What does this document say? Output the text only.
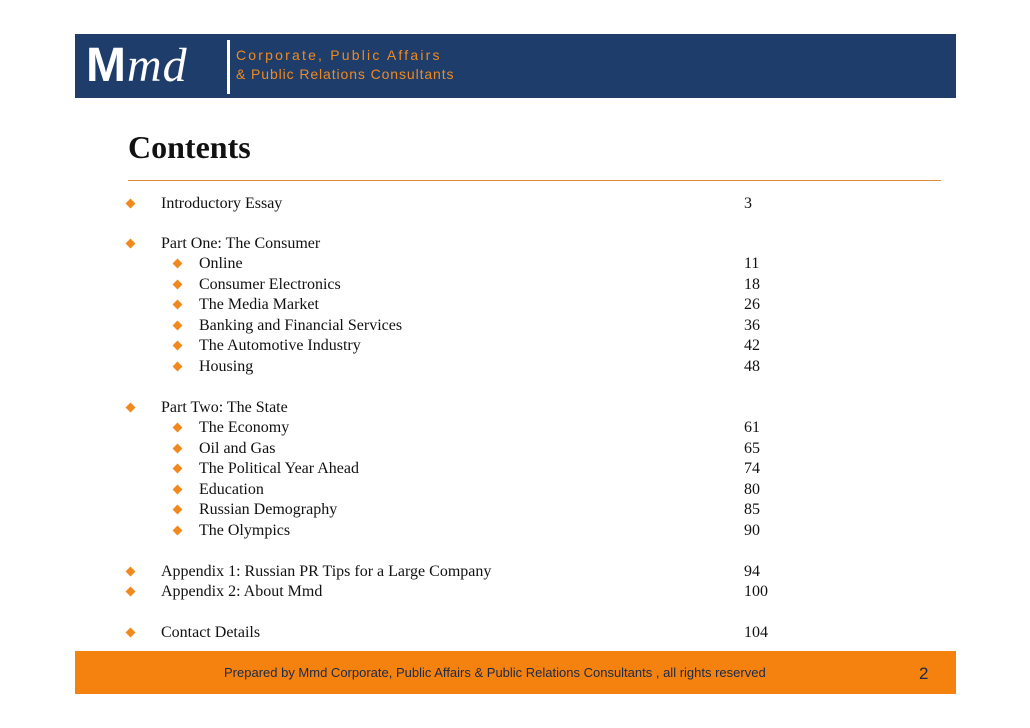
Mmd	Corporate, Public Affairs
& Public Relations Consultants
Contents
Introductory Essay	3
Part One: The Consumer
Online	11
Consumer Electronics	18
The Media Market	26
Banking and Financial Services	36
The Automotive Industry	42
Housing	48
Part Two: The State
The Economy	61
Oil and Gas	65
The Political Year Ahead	74
Education	80
Russian Demography	85
The Olympics	90
Appendix 1: Russian PR Tips for a Large Company	94
Appendix 2: About Mmd	100
Contact Details	104
Prepared by Mmd Corporate, Public Affairs & Public Relations Consultants , all rights reserved	2
